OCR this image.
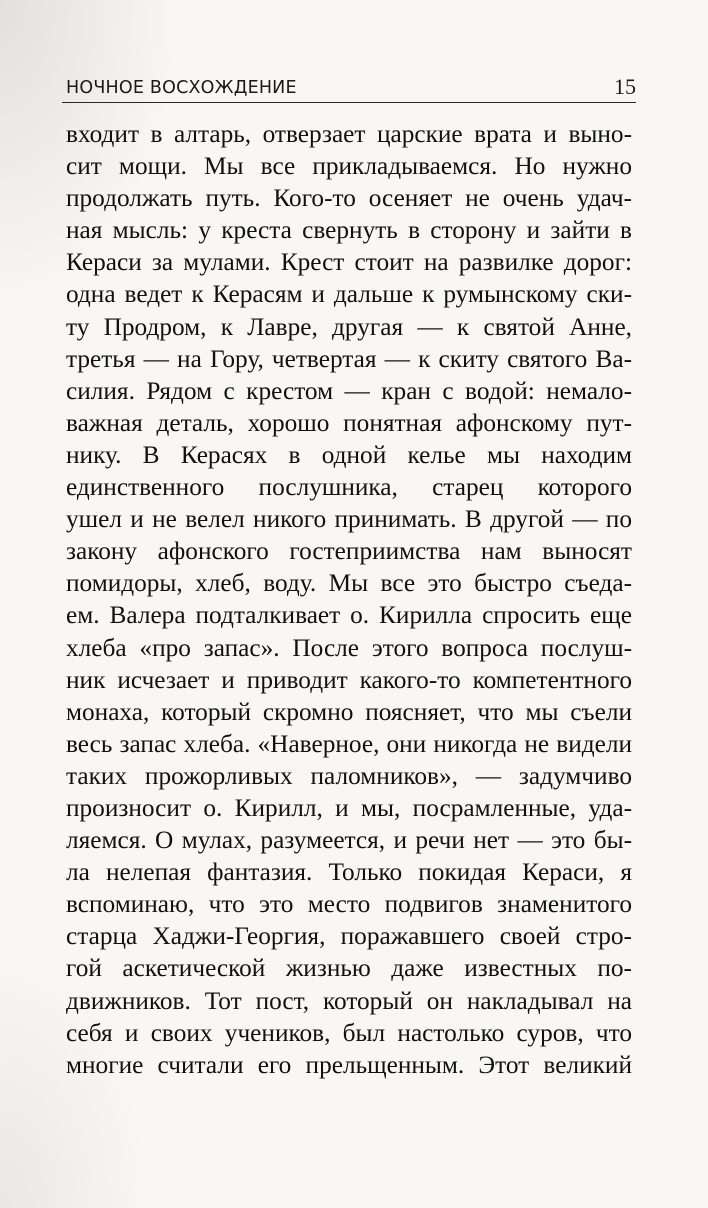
НОЧНОЕ ВОСХОЖДЕНИЕ	15
входит в алтарь, отверзает царские врата и выно-
сит мощи. Мы все прикладываемся. Но нужно
продолжать путь. Кого-то осеняет не очень удач-
ная мысль: у креста свернуть в сторону и зайти в
Кераси за мулами. Крест стоит на развилке дорог:
одна ведет к Керасям и дальше к румынскому ски-
ту Продром, к Лавре, другая — к святой Анне,
третья — на Гору, четвертая — к скиту святого Ва-
силия. Рядом с крестом — кран с водой: немало-
важная деталь, хорошо понятная афонскому пут-
нику. В Керасях в одной келье мы находим
единственного послушника, старец которого
ушел и не велел никого принимать. В другой — по
закону афонского гостеприимства нам выносят
помидоры, хлеб, воду. Мы все это быстро съеда-
ем. Валера подталкивает о. Кирилла спросить еще
хлеба «про запас». После этого вопроса послуш-
ник исчезает и приводит какого-то компетентного
монаха, который скромно поясняет, что мы съели
весь запас хлеба. «Наверное, они никогда не видели
таких прожорливых паломников», — задумчиво
произносит о. Кирилл, и мы, посрамленные, уда-
ляемся. О мулах, разумеется, и речи нет — это бы-
ла нелепая фантазия. Только покидая Кераси, я
вспоминаю, что это место подвигов знаменитого
старца Хаджи-Георгия, поражавшего своей стро-
гой аскетической жизнью даже известных по-
движников. Тот пост, который он накладывал на
себя и своих учеников, был настолько суров, что
многие считали его прельщенным. Этот великий
